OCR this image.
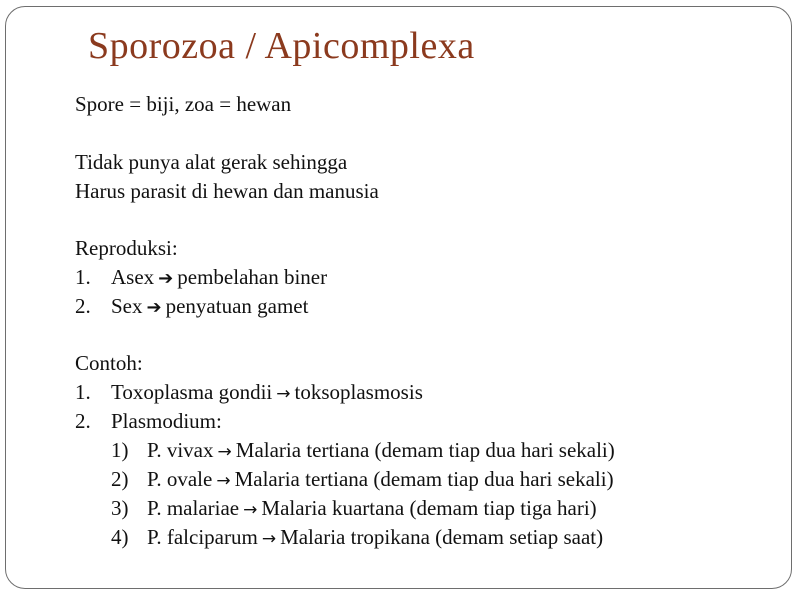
Sporozoa / Apicomplexa
Spore = biji, zoa = hewan
Tidak punya alat gerak sehingga
Harus parasit di hewan dan manusia
Reproduksi:
1. Asex ➔ pembelahan biner
2. Sex ➔ penyatuan gamet
Contoh:
1. Toxoplasma gondii → toksoplasmosis
2. Plasmodium:
1) P. vivax → Malaria tertiana (demam tiap dua hari sekali)
2) P. ovale → Malaria tertiana (demam tiap dua hari sekali)
3) P. malariae → Malaria kuartana (demam tiap tiga hari)
4) P. falciparum → Malaria tropikana (demam setiap saat)
